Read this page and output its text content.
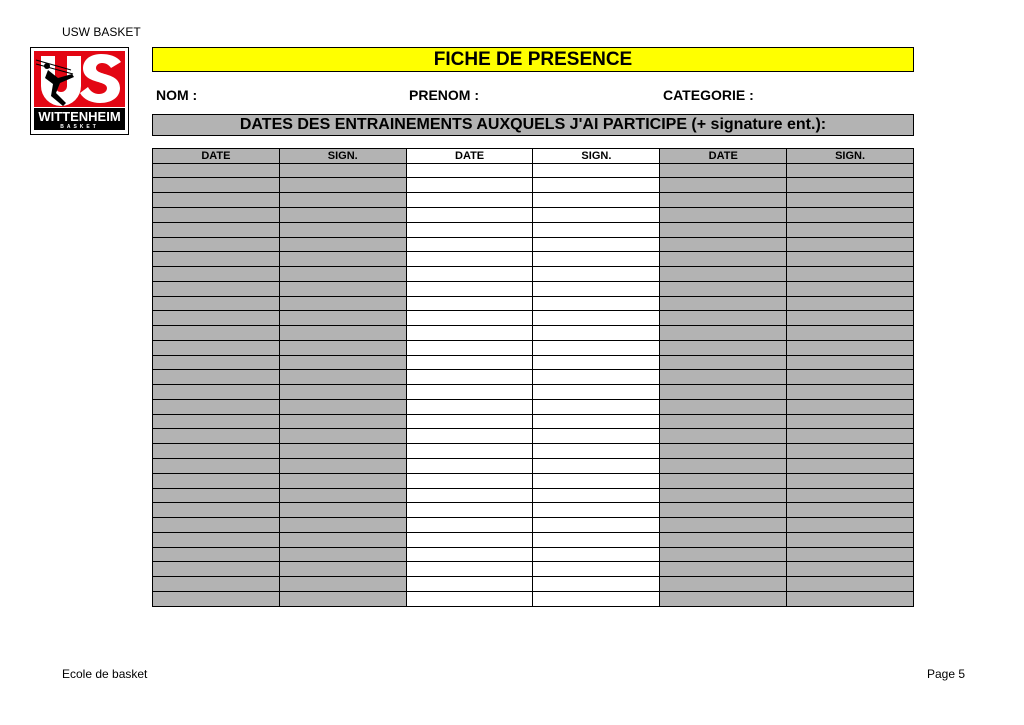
USW BASKET
WITTENHEIM
BASKET
FICHE DE PRESENCE
NOM :	PRENOM :	CATEGORIE :
DATES DES ENTRAINEMENTS AUXQUELS J'AI PARTICIPE (+ signature ent.):
DATE	SIGN.	DATE	SIGN.	DATE	SIGN.

Ecole de basket	Page 5
